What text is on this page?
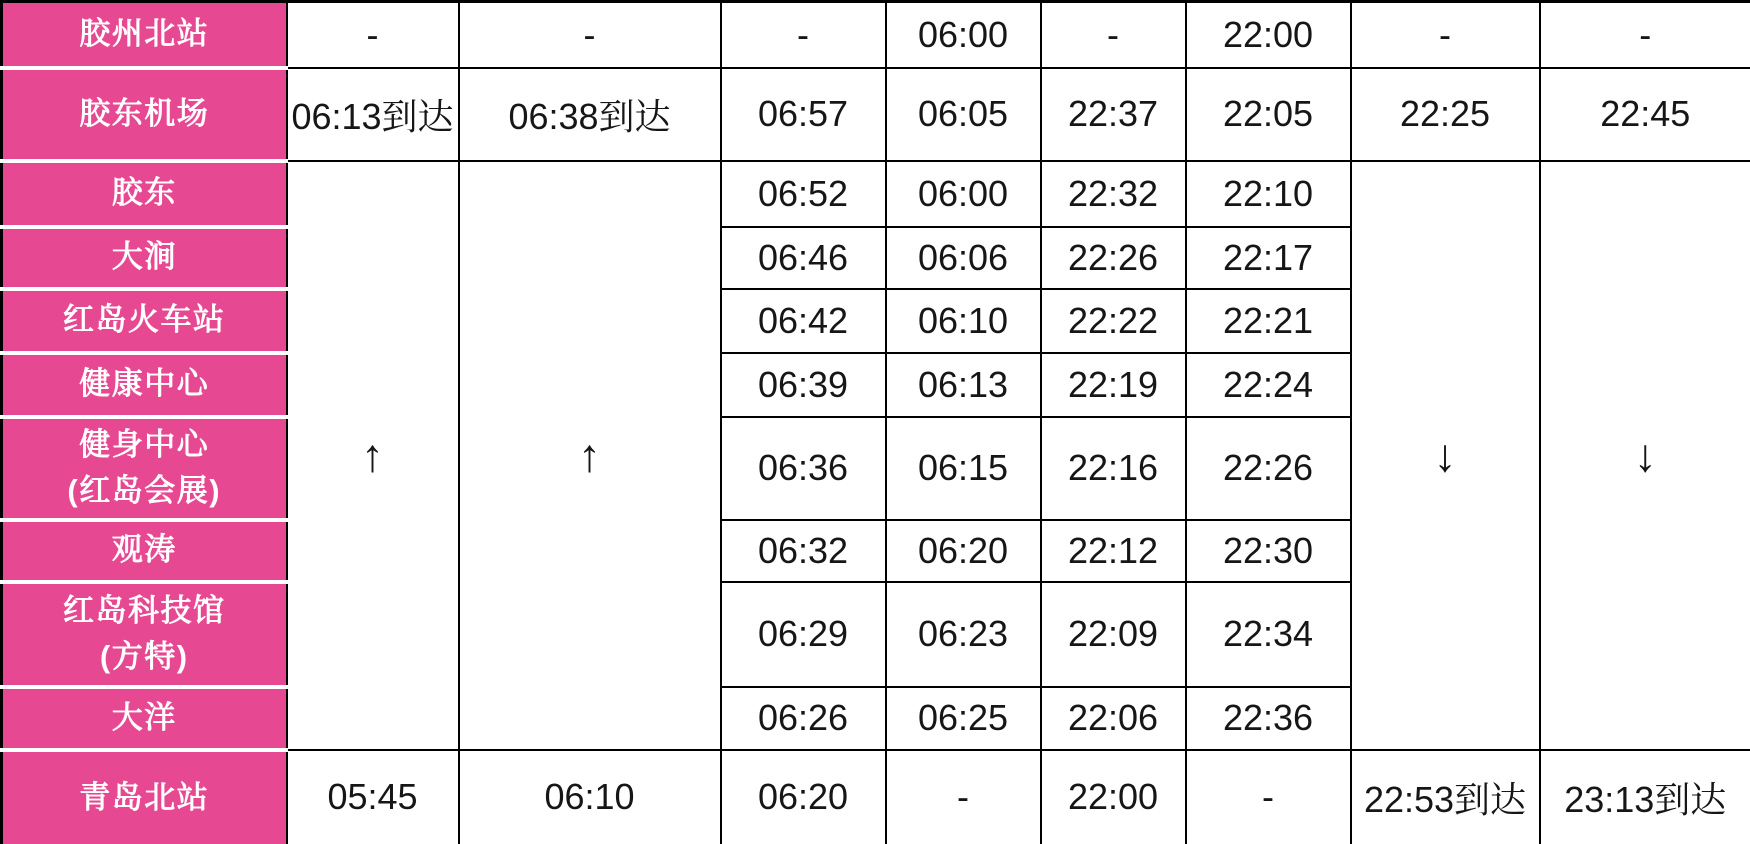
胶州北站	-	-	-	06:00	-	22:00	-	-

胶东机场	06:13到达	06:38到达	06:57	06:05	22:37	22:05	22:25	22:45

胶东	↑	↑	06:52	06:00	22:32	22:10	↓	↓

大涧			06:46	06:06	22:26	22:17		

红岛火车站			06:42	06:10	22:22	22:21		

健康中心			06:39	06:13	22:19	22:24		

健身中心
(红岛会展)			06:36	06:15	22:16	22:26		

观涛			06:32	06:20	22:12	22:30		

红岛科技馆
(方特)			06:29	06:23	22:09	22:34		

大洋			06:26	06:25	22:06	22:36		

青岛北站	05:45	06:10	06:20	-	22:00	-	22:53到达	23:13到达
